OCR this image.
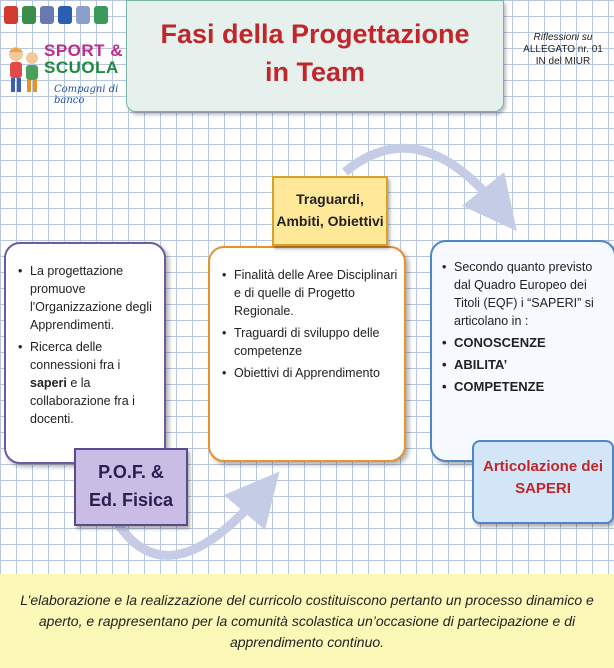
SPORT &
SCUOLA
Compagni di banco
Fasi della Progettazione
in Team
Riflessioni su
ALLEGATO nr. 01
IN del MIUR
• La progettazione promuove l'Organizzazione degli Apprendimenti.
• Ricerca delle connessioni fra i saperi e la collaborazione fra i docenti.
• Finalità delle Aree Disciplinari e di quelle di Progetto Regionale.
• Traguardi di sviluppo delle competenze
• Obiettivi di Apprendimento
• Secondo quanto previsto dal Quadro Europeo dei Titoli (EQF) i “SAPERI” si articolano in :
• CONOSCENZE
• ABILITA’
• COMPETENZE
Traguardi,
Ambiti, Obiettivi
P.O.F. &
Ed. Fisica
Articolazione dei
SAPERI

L’elaborazione e la realizzazione del curricolo costituiscono pertanto un processo dinamico e aperto, e rappresentano per la comunità scolastica un’occasione di partecipazione e di apprendimento continuo.
